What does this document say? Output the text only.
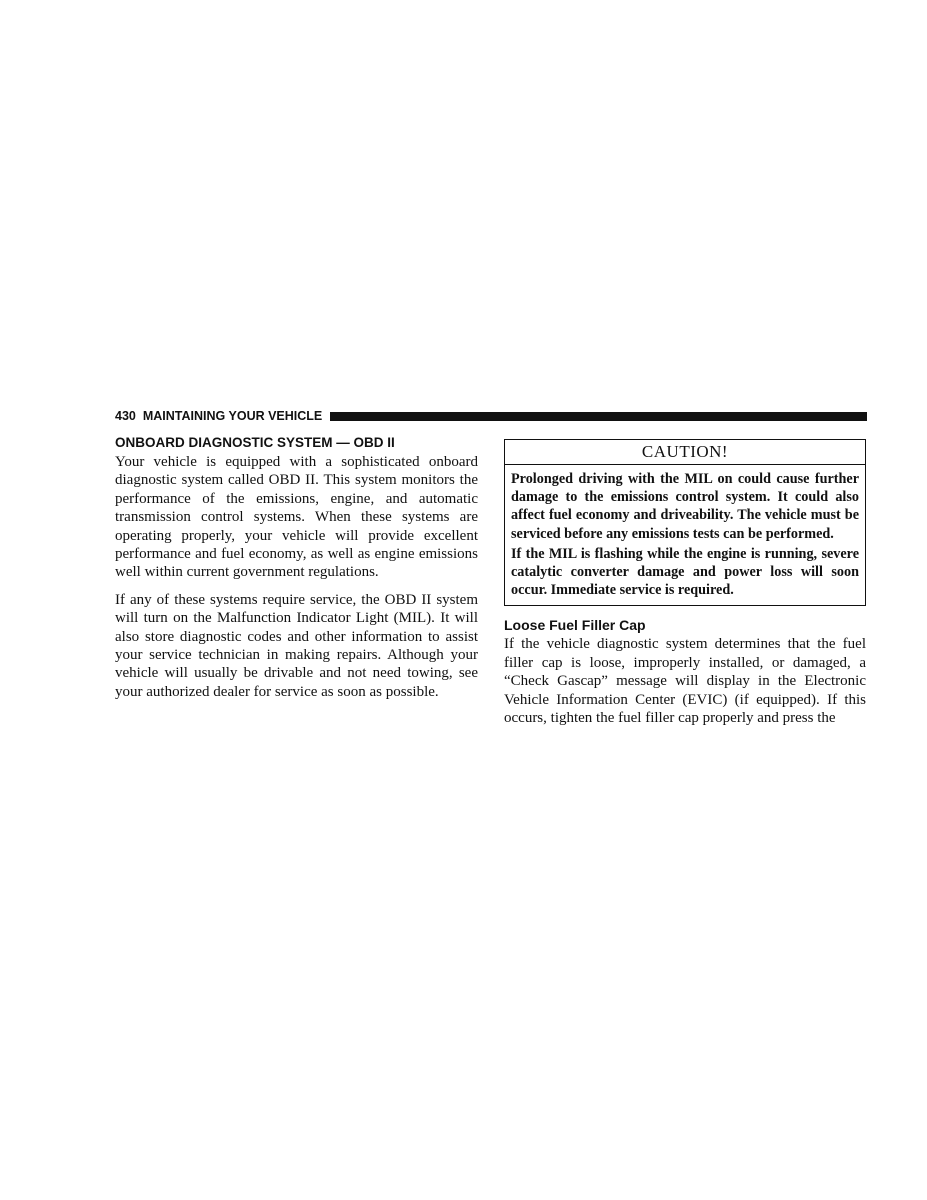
430 MAINTAINING YOUR VEHICLE
ONBOARD DIAGNOSTIC SYSTEM — OBD II

Your vehicle is equipped with a sophisticated onboard diagnostic system called OBD II. This system monitors the performance of the emissions, engine, and automatic transmission control systems. When these systems are operating properly, your vehicle will provide excellent performance and fuel economy, as well as engine emissions well within current government regulations.

If any of these systems require service, the OBD II system will turn on the Malfunction Indicator Light (MIL). It will also store diagnostic codes and other information to assist your service technician in making repairs. Although your vehicle will usually be drivable and not need towing, see your authorized dealer for service as soon as possible.

CAUTION!

Prolonged driving with the MIL on could cause further damage to the emissions control system. It could also affect fuel economy and driveability. The vehicle must be serviced before any emissions tests can be performed.

If the MIL is flashing while the engine is running, severe catalytic converter damage and power loss will soon occur. Immediate service is required.

Loose Fuel Filler Cap

If the vehicle diagnostic system determines that the fuel filler cap is loose, improperly installed, or damaged, a “Check Gascap” message will display in the Electronic Vehicle Information Center (EVIC) (if equipped). If this occurs, tighten the fuel filler cap properly and press the
